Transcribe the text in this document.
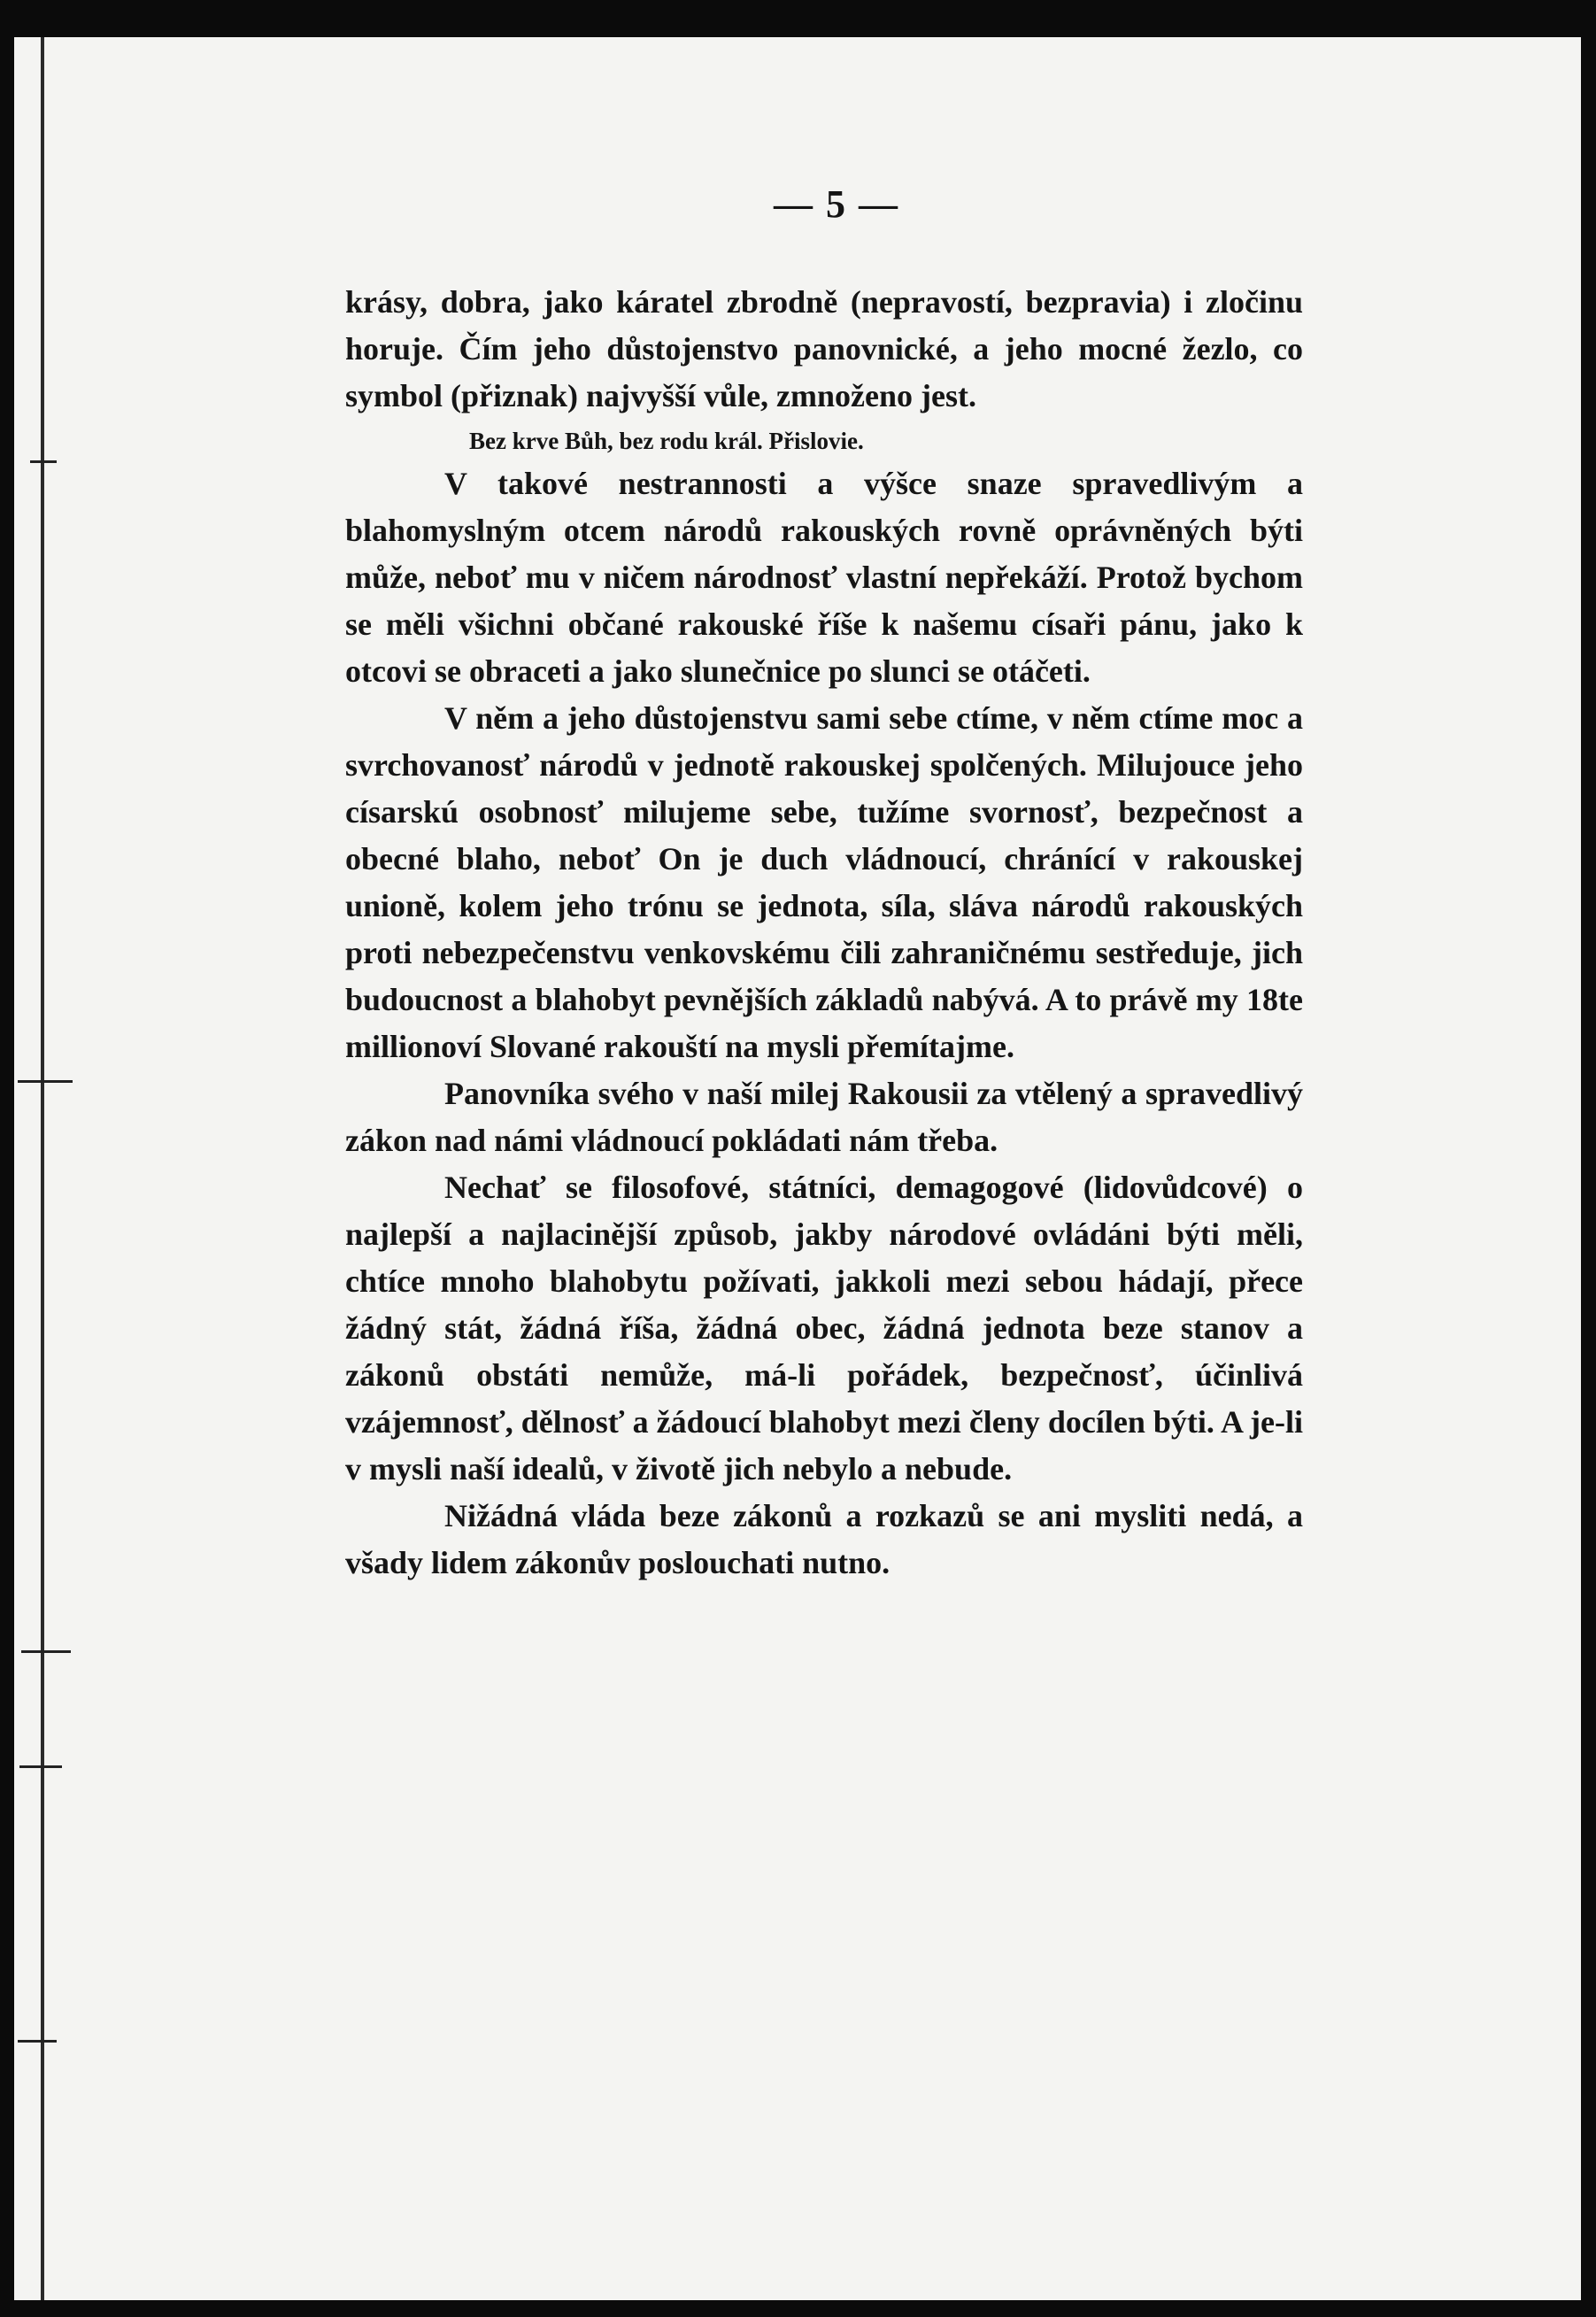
— 5 —

krásy, dobra, jako káratel zbrodně (nepravostí, bezpravia) i zločinu horuje. Čím jeho důstojenstvo panovnické, a jeho mocné žezlo, co symbol (přiznak) najvyšší vůle, zmnoženo jest.

Bez krve Bůh, bez rodu král. Přislovie.

V takové nestrannosti a výšce snaze spravedlivým a blahomyslným otcem národů rakouských rovně oprávněných býti může, neboť mu v ničem národnosť vlastní nepřekáží. Protož bychom se měli všichni občané rakouské říše k našemu císaři pánu, jako k otcovi se obraceti a jako slunečnice po slunci se otáčeti.

V něm a jeho důstojenstvu sami sebe ctíme, v něm ctíme moc a svrchovanosť národů v jednotě rakouskej spolčených. Milujouce jeho císarskú osobnosť milujeme sebe, tužíme svornosť, bezpečnost a obecné blaho, neboť On je duch vládnoucí, chránící v rakouskej unioně, kolem jeho trónu se jednota, síla, sláva národů rakouských proti nebezpečenstvu venkovskému čili zahraničnému sestředuje, jich budoucnost a blahobyt pevnějších základů nabývá. A to právě my 18te millionoví Slované rakouští na mysli přemítajme.

Panovníka svého v naší milej Rakousii za vtělený a spravedlivý zákon nad námi vládnoucí pokládati nám třeba.

Nechať se filosofové, státníci, demagogové (lidovůdcové) o najlepší a najlacinější způsob, jakby národové ovládáni býti měli, chtíce mnoho blahobytu požívati, jakkoli mezi sebou hádají, přece žádný stát, žádná říša, žádná obec, žádná jednota beze stanov a zákonů obstáti nemůže, má-li pořádek, bezpečnosť, účinlivá vzájemnosť, dělnosť a žádoucí blahobyt mezi členy docílen býti. A je-li v mysli naší idealů, v životě jich nebylo a nebude.

Nižádná vláda beze zákonů a rozkazů se ani mysliti nedá, a všady lidem zákonův poslouchati nutno.
